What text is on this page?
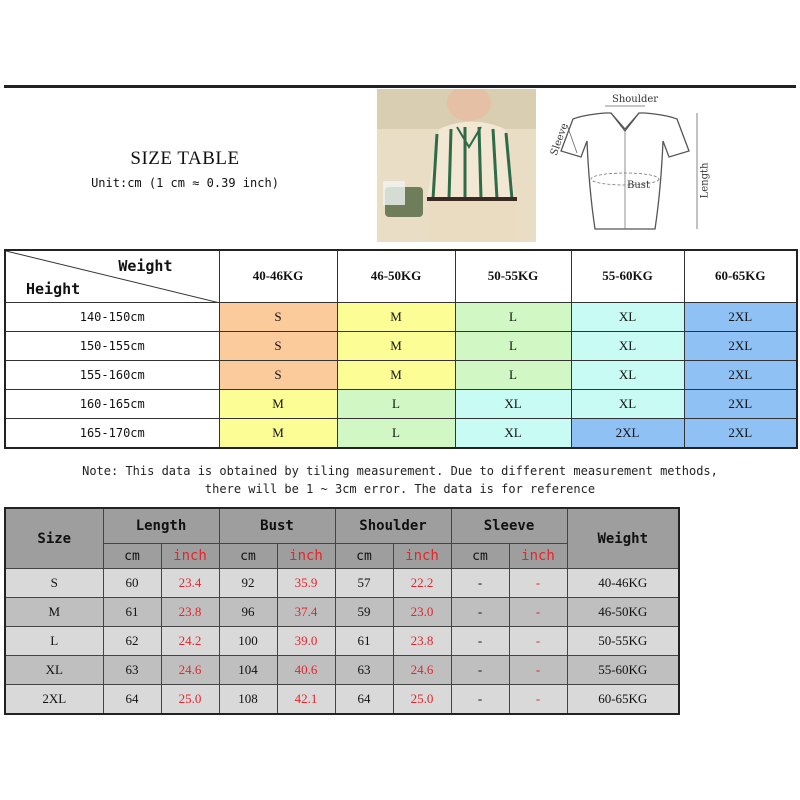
SIZE TABLE
Unit:cm (1 cm ≈ 0.39 inch)
Shoulder
Sleeve
Bust	Length
Weight
Height	40-46KG	46-50KG	50-55KG	55-60KG	60-65KG
140-150cm	S	M	L	XL	2XL
150-155cm	S	M	L	XL	2XL
155-160cm	S	M	L	XL	2XL
160-165cm	M	L	XL	XL	2XL
165-170cm	M	L	XL	2XL	2XL
Note: This data is obtained by tiling measurement. Due to different measurement methods,
there will be 1 ~ 3cm error. The data is for reference
Size	Length		Bust		Shoulder		Sleeve		Weight
	cm	inch	cm	inch	cm	inch	cm	inch	
S	60	23.4	92	35.9	57	22.2	-	-	40-46KG
M	61	23.8	96	37.4	59	23.0	-	-	46-50KG
L	62	24.2	100	39.0	61	23.8	-	-	50-55KG
XL	63	24.6	104	40.6	63	24.6	-	-	55-60KG
2XL	64	25.0	108	42.1	64	25.0	-	-	60-65KG
